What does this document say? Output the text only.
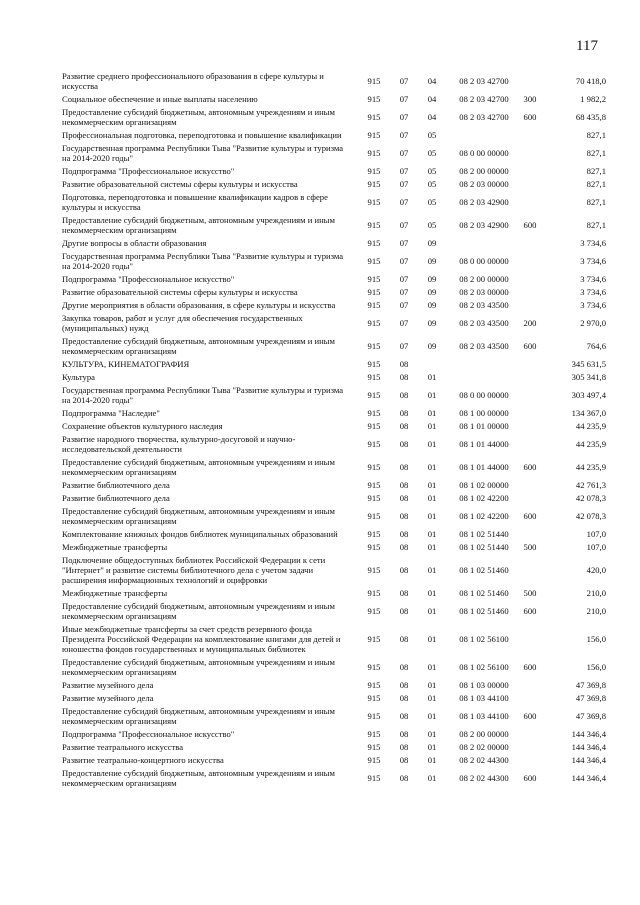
117
Развитие среднего профессионального образования в сфере культуры и искусства	915	07	04	08 2 03 42700		70 418,0
Социальное обеспечение и иные выплаты населению	915	07	04	08 2 03 42700	300	1 982,2
Предоставление субсидий бюджетным, автономным учреждениям и иным некоммерческим организациям	915	07	04	08 2 03 42700	600	68 435,8
Профессиональная подготовка, переподготовка и повышение квалификации	915	07	05			827,1
Государственная программа Республики Тыва "Развитие культуры и туризма на 2014-2020 годы"	915	07	05	08 0 00 00000		827,1
Подпрограмма "Профессиональное искусство"	915	07	05	08 2 00 00000		827,1
Развитие образовательной системы сферы культуры и искусства	915	07	05	08 2 03 00000		827,1
Подготовка, переподготовка и повышение квалификации кадров в сфере культуры и искусства	915	07	05	08 2 03 42900		827,1
Предоставление субсидий бюджетным, автономным учреждениям и иным некоммерческим организациям	915	07	05	08 2 03 42900	600	827,1
Другие вопросы в области образования	915	07	09			3 734,6
Государственная программа Республики Тыва "Развитие культуры и туризма на 2014-2020 годы"	915	07	09	08 0 00 00000		3 734,6
Подпрограмма "Профессиональное искусство"	915	07	09	08 2 00 00000		3 734,6
Развитие образовательной системы сферы культуры и искусства	915	07	09	08 2 03 00000		3 734,6
Другие мероприятия в области образования, в сфере культуры и искусства	915	07	09	08 2 03 43500		3 734,6
Закупка товаров, работ и услуг для обеспечения государственных (муниципальных) нужд	915	07	09	08 2 03 43500	200	2 970,0
Предоставление субсидий бюджетным, автономным учреждениям и иным некоммерческим организациям	915	07	09	08 2 03 43500	600	764,6
КУЛЬТУРА, КИНЕМАТОГРАФИЯ	915	08				345 631,5
Культура	915	08	01			305 341,8
Государственная программа Республики Тыва "Развитие культуры и туризма на 2014-2020 годы"	915	08	01	08 0 00 00000		303 497,4
Подпрограмма "Наследие"	915	08	01	08 1 00 00000		134 367,0
Сохранение объектов культурного наследия	915	08	01	08 1 01 00000		44 235,9
Развитие народного творчества, культурно-досуговой и научно-исследовательской деятельности	915	08	01	08 1 01 44000		44 235,9
Предоставление субсидий бюджетным, автономным учреждениям и иным некоммерческим организациям	915	08	01	08 1 01 44000	600	44 235,9
Развитие библиотечного дела	915	08	01	08 1 02 00000		42 761,3
Развитие библиотечного дела	915	08	01	08 1 02 42200		42 078,3
Предоставление субсидий бюджетным, автономным учреждениям и иным некоммерческим организациям	915	08	01	08 1 02 42200	600	42 078,3
Комплектование книжных фондов библиотек муниципальных образований	915	08	01	08 1 02 51440		107,0
Межбюджетные трансферты	915	08	01	08 1 02 51440	500	107,0
Подключение общедоступных библиотек Российской Федерации к сети "Интернет" и развитие системы библиотечного дела с учетом задачи расширения информационных технологий и оцифровки	915	08	01	08 1 02 51460		420,0
Межбюджетные трансферты	915	08	01	08 1 02 51460	500	210,0
Предоставление субсидий бюджетным, автономным учреждениям и иным некоммерческим организациям	915	08	01	08 1 02 51460	600	210,0
Иные межбюджетные трансферты за счет средств резервного фонда Президента Российской Федерации на комплектование книгами для детей и юношества фондов государственных и муниципальных библиотек	915	08	01	08 1 02 56100		156,0
Предоставление субсидий бюджетным, автономным учреждениям и иным некоммерческим организациям	915	08	01	08 1 02 56100	600	156,0
Развитие музейного дела	915	08	01	08 1 03 00000		47 369,8
Развитие музейного дела	915	08	01	08 1 03 44100		47 369,8
Предоставление субсидий бюджетным, автономным учреждениям и иным некоммерческим организациям	915	08	01	08 1 03 44100	600	47 369,8
Подпрограмма "Профессиональное искусство"	915	08	01	08 2 00 00000		144 346,4
Развитие театрального искусства	915	08	01	08 2 02 00000		144 346,4
Развитие театрально-концертного искусства	915	08	01	08 2 02 44300		144 346,4
Предоставление субсидий бюджетным, автономным учреждениям и иным некоммерческим организациям	915	08	01	08 2 02 44300	600	144 346,4
